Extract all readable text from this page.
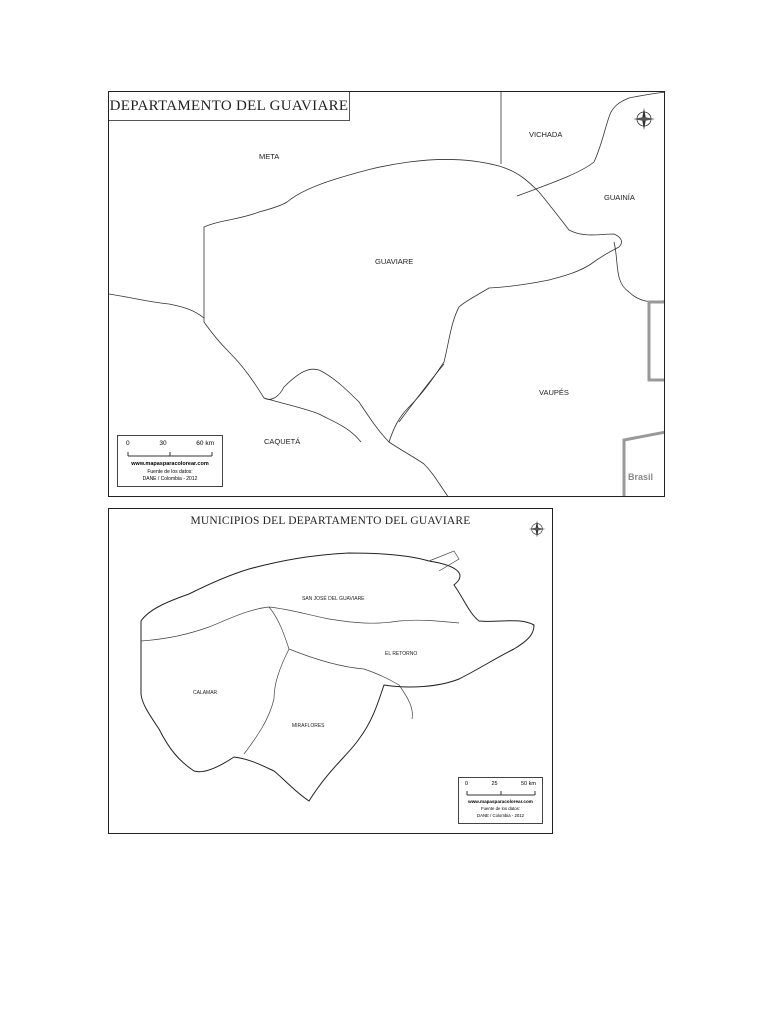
DEPARTAMENTO DEL GUAVIARE
META
VICHADA
GUAINÍA
GUAVIARE
VAUPÉS
CAQUETÁ
Brasil
0	30	60 km
www.mapasparacolorear.com
Fuente de los datos:
DANE / Colombia - 2012
MUNICIPIOS DEL DEPARTAMENTO DEL GUAVIARE
SAN JOSÉ DEL GUAVIARE
EL RETORNO
CALAMAR
MIRAFLORES
0	25	50 km
www.mapasparacolorear.com
Fuente de los datos:
DANE / Colombia - 2012
